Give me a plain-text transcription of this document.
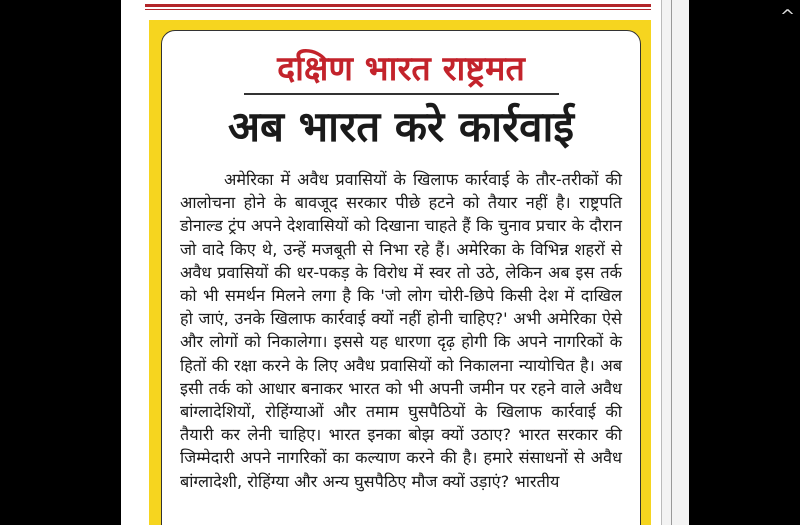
दक्षिण भारत राष्ट्रमत
अब भारत करे कार्रवाई
अमेरिका में अवैध प्रवासियों के खिलाफ कार्रवाई के तौर-तरीकों की आलोचना होने के बावजूद सरकार पीछे हटने को तैयार नहीं है। राष्ट्रपति डोनाल्ड ट्रंप अपने देशवासियों को दिखाना चाहते हैं कि चुनाव प्रचार के दौरान जो वादे किए थे, उन्हें मजबूती से निभा रहे हैं। अमेरिका के विभिन्न शहरों से अवैध प्रवासियों की धर-पकड़ के विरोध में स्वर तो उठे, लेकिन अब इस तर्क को भी समर्थन मिलने लगा है कि 'जो लोग चोरी-छिपे किसी देश में दाखिल हो जाएं, उनके खिलाफ कार्रवाई क्यों नहीं होनी चाहिए?' अभी अमेरिका ऐसे और लोगों को निकालेगा। इससे यह धारणा दृढ़ होगी कि अपने नागरिकों के हितों की रक्षा करने के लिए अवैध प्रवासियों को निकालना न्यायोचित है। अब इसी तर्क को आधार बनाकर भारत को भी अपनी जमीन पर रहने वाले अवैध बांग्लादेशियों, रोहिंग्याओं और तमाम घुसपैठियों के खिलाफ कार्रवाई की तैयारी कर लेनी चाहिए। भारत इनका बोझ क्यों उठाए? भारत सरकार की जिम्मेदारी अपने नागरिकों का कल्याण करने की है। हमारे संसाधनों से अवैध बांग्लादेशी, रोहिंग्या और अन्य घुसपैठिए मौज क्यों उड़ाएं? भारतीय
^
